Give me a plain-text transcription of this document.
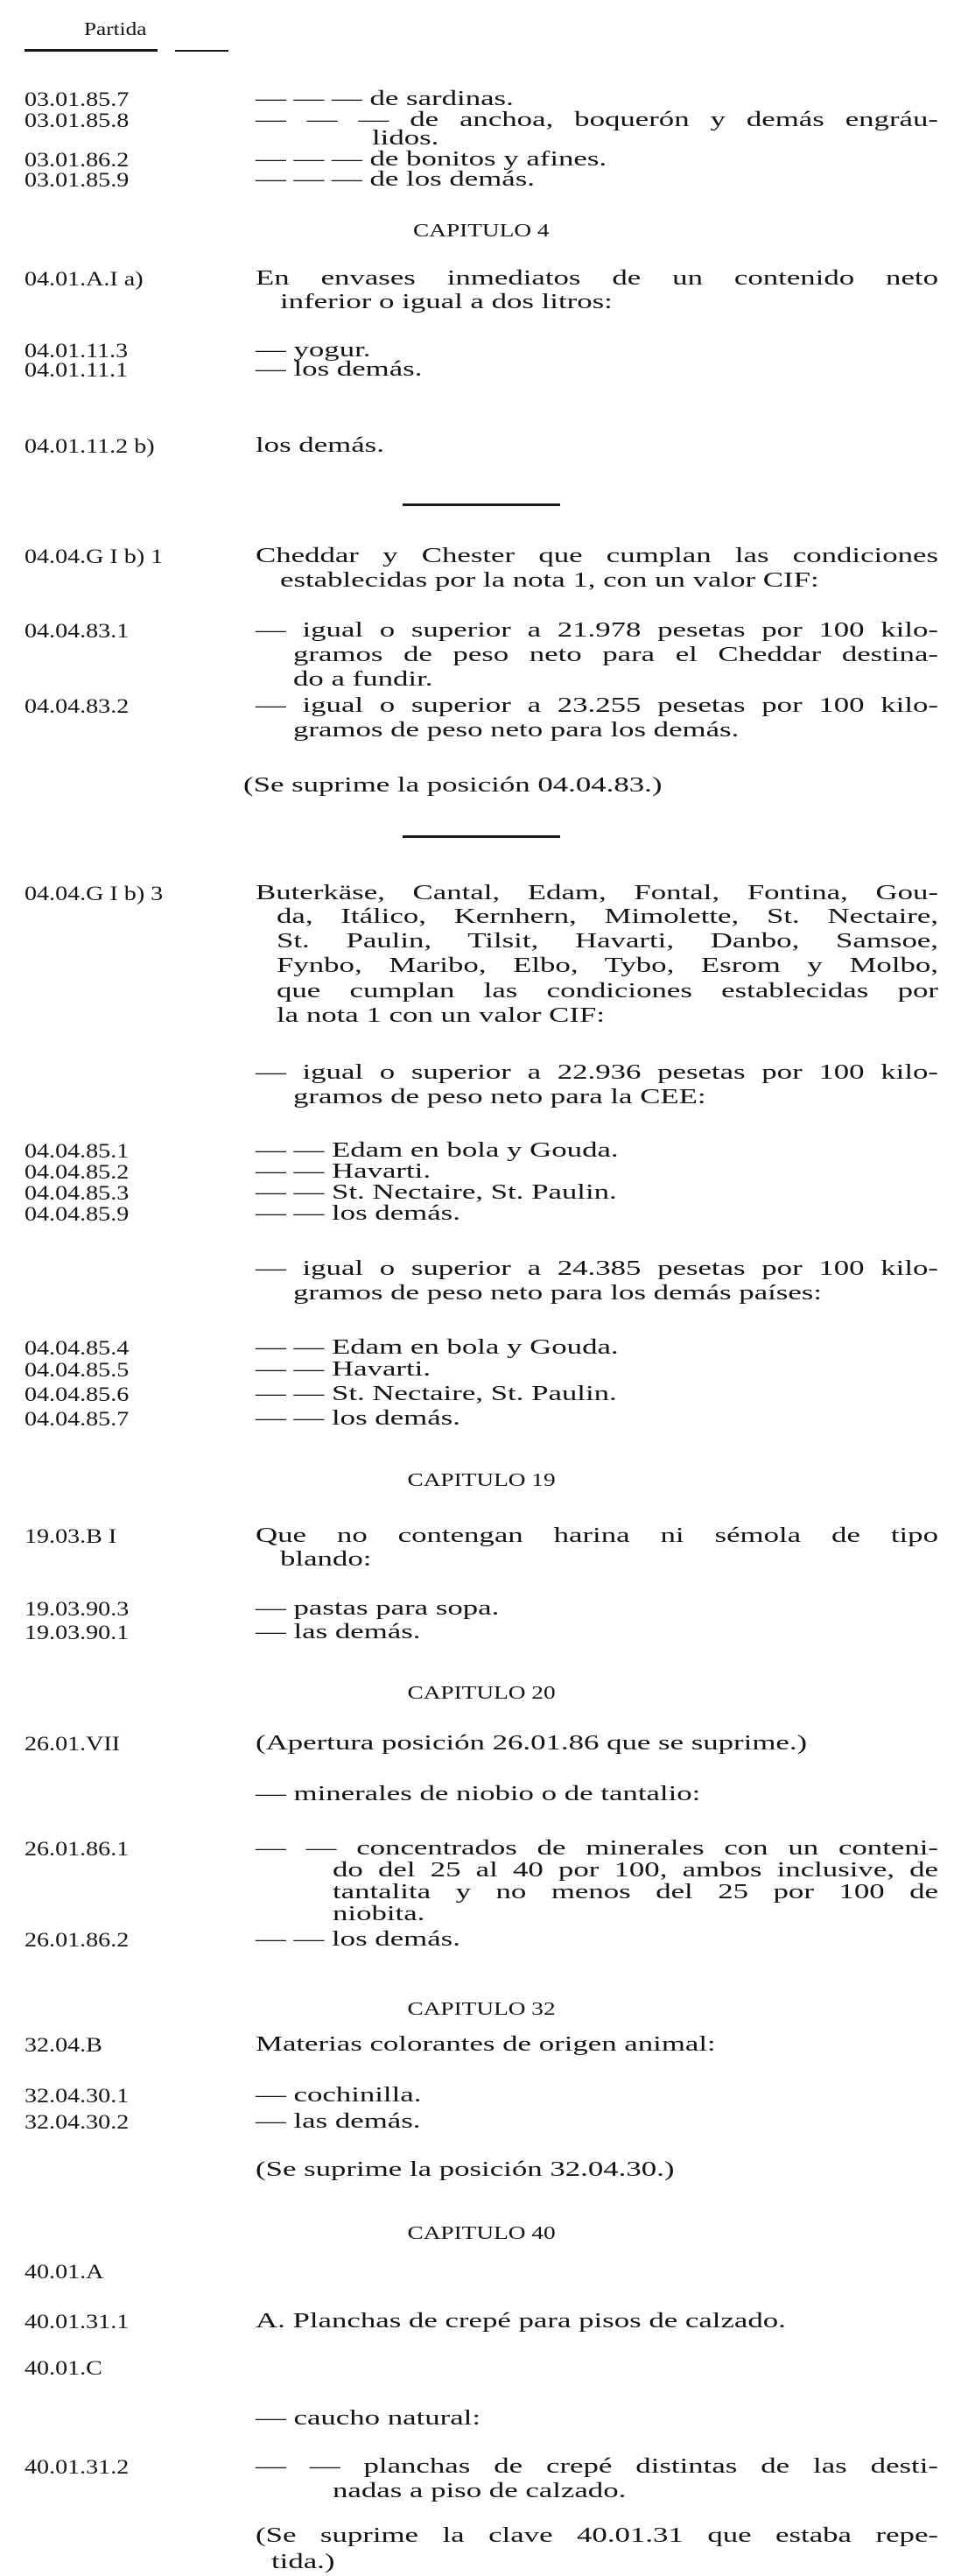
Partida
03.01.85.7	— — — de sardinas.
03.01.85.8	— — — de anchoa, boquerón y demás engráu-
lidos.
03.01.86.2	— — — de bonitos y afines.
03.01.85.9	— — — de los demás.
CAPITULO 4
04.01.A.I a)	En envases inmediatos de un contenido neto
inferior o igual a dos litros:
04.01.11.3	— yogur.
04.01.11.1	— los demás.
04.01.11.2 b)	los demás.
04.04.G I b) 1	Cheddar y Chester que cumplan las condiciones
establecidas por la nota 1, con un valor CIF:
04.04.83.1	— igual o superior a 21.978 pesetas por 100 kilo-
gramos de peso neto para el Cheddar destina-
do a fundir.
04.04.83.2	— igual o superior a 23.255 pesetas por 100 kilo-
gramos de peso neto para los demás.
(Se suprime la posición 04.04.83.)
04.04.G I b) 3	Buterkäse, Cantal, Edam, Fontal, Fontina, Gou-
da, Itálico, Kernhern, Mimolette, St. Nectaire,
St. Paulin, Tilsit, Havarti, Danbo, Samsoe,
Fynbo, Maribo, Elbo, Tybo, Esrom y Molbo,
que cumplan las condiciones establecidas por
la nota 1 con un valor CIF:
— igual o superior a 22.936 pesetas por 100 kilo-
gramos de peso neto para la CEE:
04.04.85.1	— — Edam en bola y Gouda.
04.04.85.2	— — Havarti.
04.04.85.3	— — St. Nectaire, St. Paulin.
04.04.85.9	— — los demás.
— igual o superior a 24.385 pesetas por 100 kilo-
gramos de peso neto para los demás países:
04.04.85.4	— — Edam en bola y Gouda.
04.04.85.5	— — Havarti.
04.04.85.6	— — St. Nectaire, St. Paulin.
04.04.85.7	— — los demás.
CAPITULO 19
19.03.B I	Que no contengan harina ni sémola de tipo
blando:
19.03.90.3	— pastas para sopa.
19.03.90.1	— las demás.
CAPITULO 20
26.01.VII	(Apertura posición 26.01.86 que se suprime.)
— minerales de niobio o de tantalio:
26.01.86.1	— — concentrados de minerales con un conteni-
do del 25 al 40 por 100, ambos inclusive, de
tantalita y no menos del 25 por 100 de
niobita.
26.01.86.2	— — los demás.
CAPITULO 32
32.04.B	Materias colorantes de origen animal:
32.04.30.1	— cochinilla.
32.04.30.2	— las demás.
(Se suprime la posición 32.04.30.)
CAPITULO 40
40.01.A
40.01.31.1	A. Planchas de crepé para pisos de calzado.
40.01.C
— caucho natural:
40.01.31.2	— — planchas de crepé distintas de las desti-
nadas a piso de calzado.
(Se suprime la clave 40.01.31 que estaba repe-
tida.)
